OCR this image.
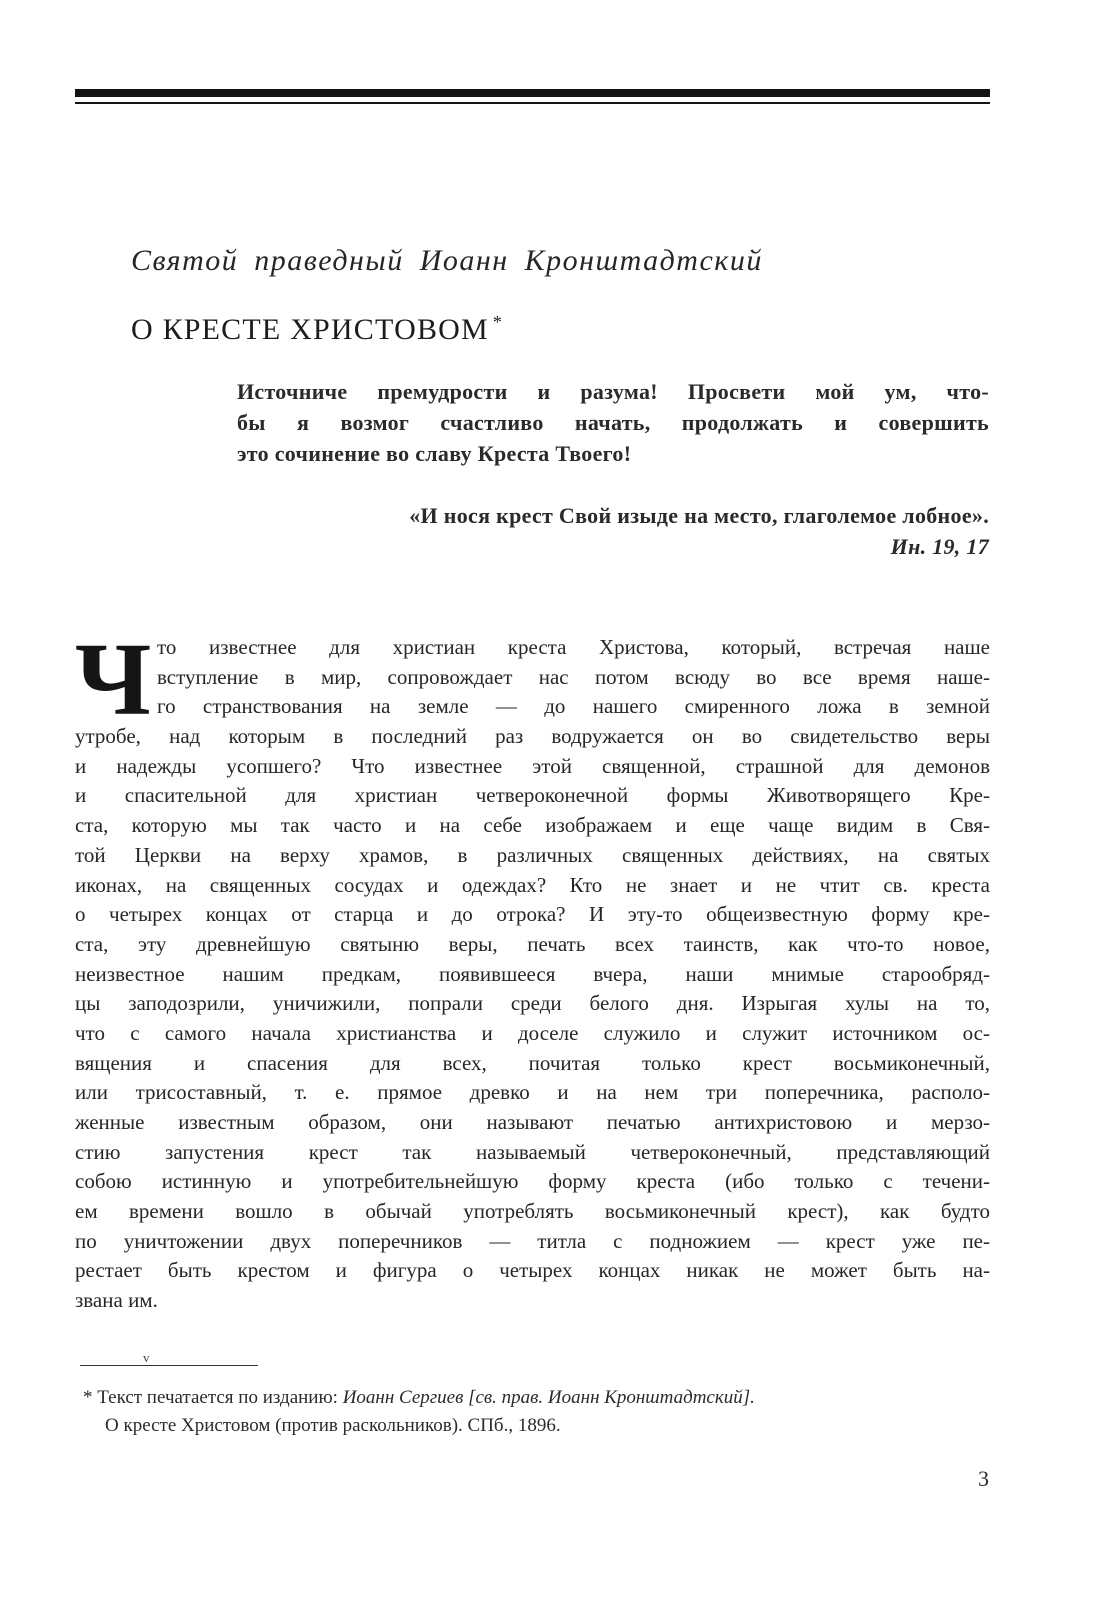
Святой праведный Иоанн Кронштадтский
О КРЕСТЕ ХРИСТОВОМ *
Источниче премудрости и разума! Просвети мой ум, что-
бы я возмог счастливо начать, продолжать и совершить
это сочинение во славу Креста Твоего!
«И нося крест Свой изыде на место, глаголемое лобное».
Ин. 19, 17
Ч то известнее для христиан креста Христова, который, встречая наше
вступление в мир, сопровождает нас потом всюду во все время наше-
го странствования на земле — до нашего смиренного ложа в земной
утробе, над которым в последний раз водружается он во свидетельство веры
и надежды усопшего? Что известнее этой священной, страшной для демонов
и спасительной для христиан четвероконечной формы Животворящего Кре-
ста, которую мы так часто и на себе изображаем и еще чаще видим в Свя-
той Церкви на верху храмов, в различных священных действиях, на святых
иконах, на священных сосудах и одеждах? Кто не знает и не чтит св. креста
о четырех концах от старца и до отрока? И эту-то общеизвестную форму кре-
ста, эту древнейшую святыню веры, печать всех таинств, как что-то новое,
неизвестное нашим предкам, появившееся вчера, наши мнимые старообряд-
цы заподозрили, уничижили, попрали среди белого дня. Изрыгая хулы на то,
что с самого начала христианства и доселе служило и служит источником ос-
вящения и спасения для всех, почитая только крест восьмиконечный,
или трисоставный, т. е. прямое древко и на нем три поперечника, располо-
женные известным образом, они называют печатью антихристовою и мерзо-
стию запустения крест так называемый четвероконечный, представляющий
собою истинную и употребительнейшую форму креста (ибо только с течени-
ем времени вошло в обычай употреблять восьмиконечный крест), как будто
по уничтожении двух поперечников — титла с подножием — крест уже пе-
рестает быть крестом и фигура о четырех концах никак не может быть на-
звана им.
v
* Текст печатается по изданию: Иоанн Сергиев [св. прав. Иоанн Кронштадтский].
О кресте Христовом (против раскольников). СПб., 1896.
3
